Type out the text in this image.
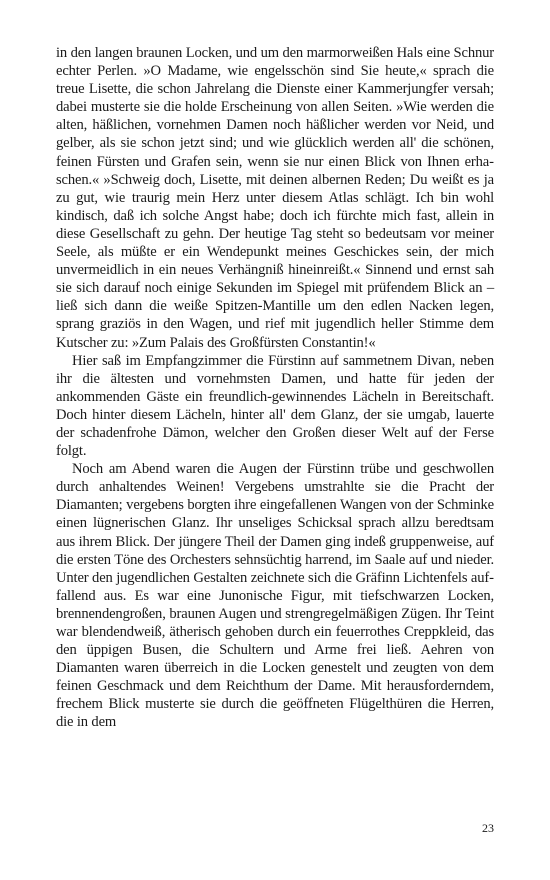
in den langen braunen Locken, und um den marmorweißen Hals eine Schnur echter Perlen. »O Madame, wie engelsschön sind Sie heute,« sprach die treue Lisette, die schon Jahrelang die Dienste einer Kammerjungfer versah; dabei musterte sie die holde Erscheinung von allen Seiten. »Wie werden die alten, häßlichen, vornehmen Damen noch häßlicher werden vor Neid, und gelber, als sie schon jetzt sind; und wie glücklich werden all' die schönen, feinen Fürsten und Grafen sein, wenn sie nur einen Blick von Ihnen erhaschen.« »Schweig doch, Lisette, mit deinen albernen Reden; Du weißt es ja zu gut, wie traurig mein Herz unter diesem Atlas schlägt. Ich bin wohl kindisch, daß ich solche Angst habe; doch ich fürchte mich fast, allein in diese Gesellschaft zu gehn. Der heutige Tag steht so bedeutsam vor meiner Seele, als müßte er ein Wendepunkt meines Geschickes sein, der mich unvermeidlich in ein neues Verhängniß hineinreißt.« Sinnend und ernst sah sie sich darauf noch einige Sekunden im Spiegel mit prüfendem Blick an – ließ sich dann die weiße Spitzen-Mantille um den edlen Nacken legen, sprang graziös in den Wagen, und rief mit jugendlich heller Stimme dem Kutscher zu: »Zum Palais des Großfürsten Constantin!«

Hier saß im Empfangzimmer die Fürstinn auf sammetnem Divan, neben ihr die ältesten und vornehmsten Damen, und hatte für jeden der ankommenden Gäste ein freundlich-gewinnendes Lächeln in Bereitschaft. Doch hinter diesem Lächeln, hinter all' dem Glanz, der sie umgab, lauerte der schadenfrohe Dämon, welcher den Großen dieser Welt auf der Ferse folgt.

Noch am Abend waren die Augen der Fürstinn trübe und geschwollen durch anhaltendes Weinen! Vergebens umstrahlte sie die Pracht der Diamanten; vergebens borgten ihre eingefallenen Wangen von der Schminke einen lügnerischen Glanz. Ihr unseliges Schicksal sprach allzu beredtsam aus ihrem Blick. Der jüngere Theil der Damen ging indeß gruppenweise, auf die ersten Töne des Orchesters sehnsüchtig harrend, im Saale auf und nieder. Unter den jugendlichen Gestalten zeichnete sich die Gräfinn Lichtenfels auffallend aus. Es war eine Junonische Figur, mit tiefschwarzen Locken, brennendengroßen, braunen Augen und strengregelmäßigen Zügen. Ihr Teint war blendendweiß, ätherisch gehoben durch ein feuerrothes Creppkleid, das den üppigen Busen, die Schultern und Arme frei ließ. Aehren von Diamanten waren überreich in die Locken genestelt und zeugten von dem feinen Geschmack und dem Reichthum der Dame. Mit herausforderndem, frechem Blick musterte sie durch die geöffneten Flügelthüren die Herren, die in dem

23
